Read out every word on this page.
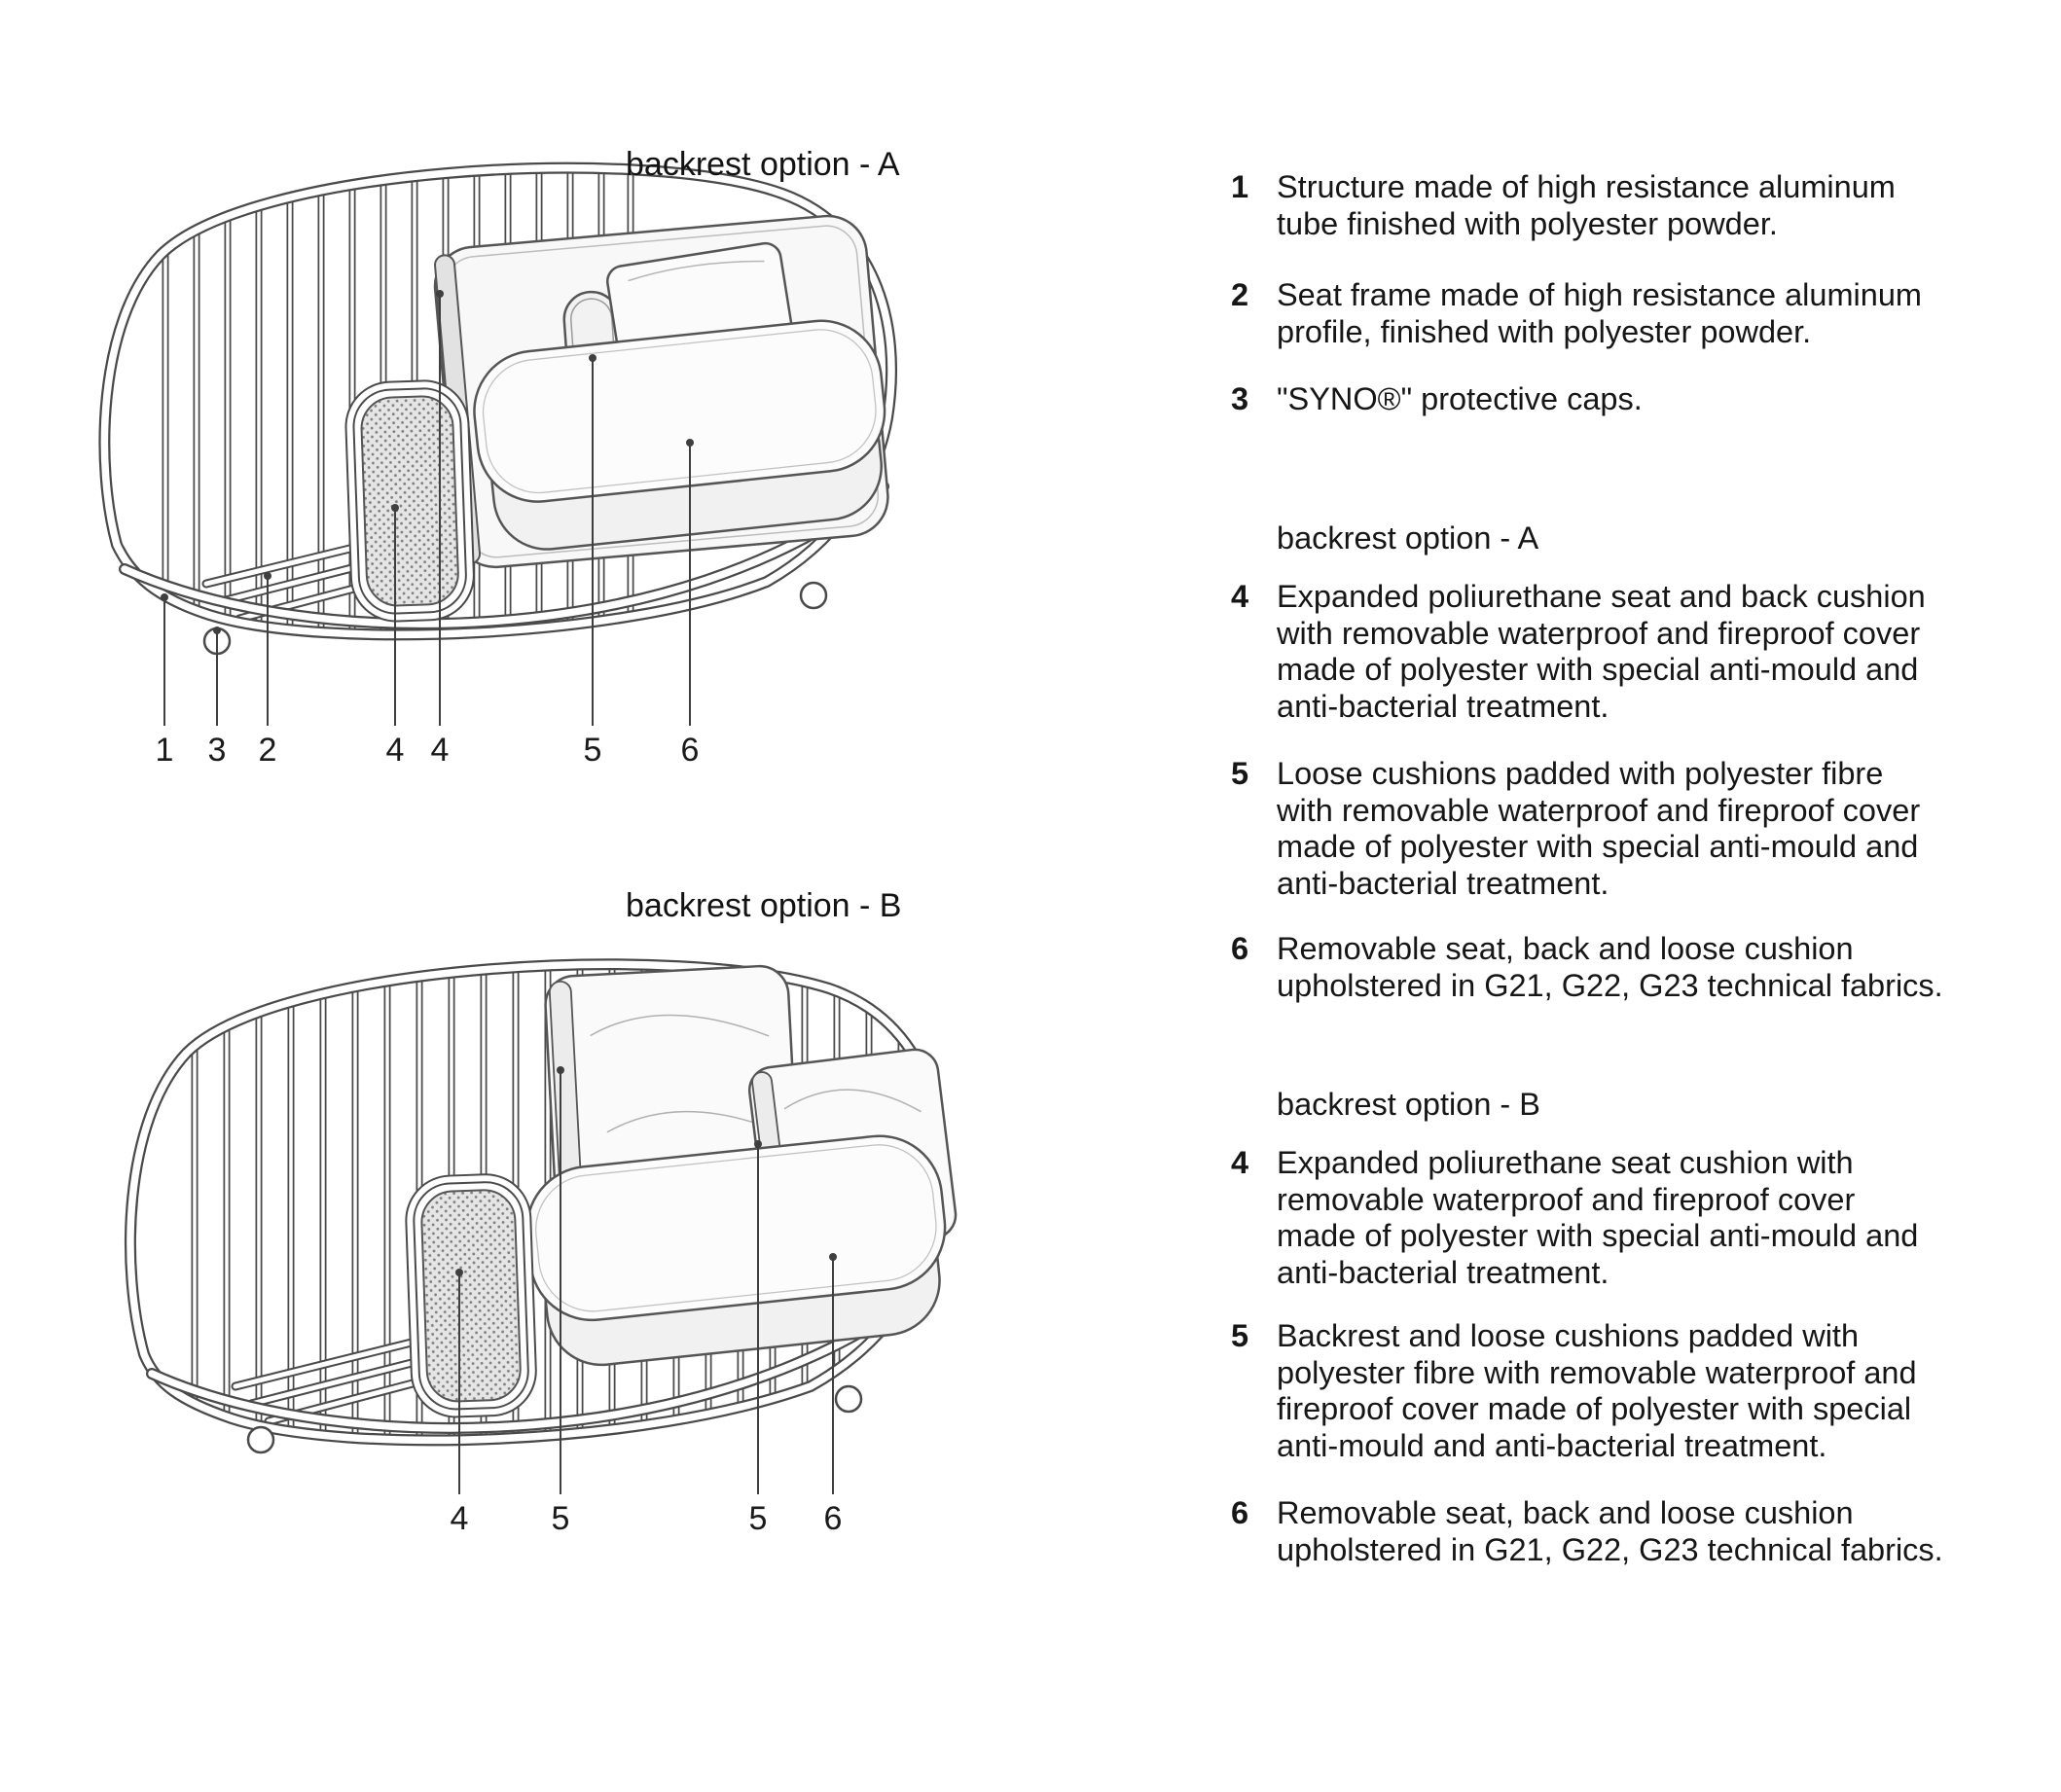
backrest option - A
backrest option - B
1 3 2	4 4	5 6
4	5	5 6
1 Structure made of high resistance aluminum
tube finished with polyester powder.
2 Seat frame made of high resistance aluminum
profile, finished with polyester powder.
3 "SYNO®" protective caps.
backrest option - A
4 Expanded poliurethane seat and back cushion
with removable waterproof and fireproof cover
made of polyester with special anti-mould and
anti-bacterial treatment.
5 Loose cushions padded with polyester fibre
with removable waterproof and fireproof cover
made of polyester with special anti-mould and
anti-bacterial treatment.
6 Removable seat, back and loose cushion
upholstered in G21, G22, G23 technical fabrics.
backrest option - B
4 Expanded poliurethane seat cushion with
removable waterproof and fireproof cover
made of polyester with special anti-mould and
anti-bacterial treatment.
5 Backrest and loose cushions padded with
polyester fibre with removable waterproof and
fireproof cover made of polyester with special
anti-mould and anti-bacterial treatment.
6 Removable seat, back and loose cushion
upholstered in G21, G22, G23 technical fabrics.
